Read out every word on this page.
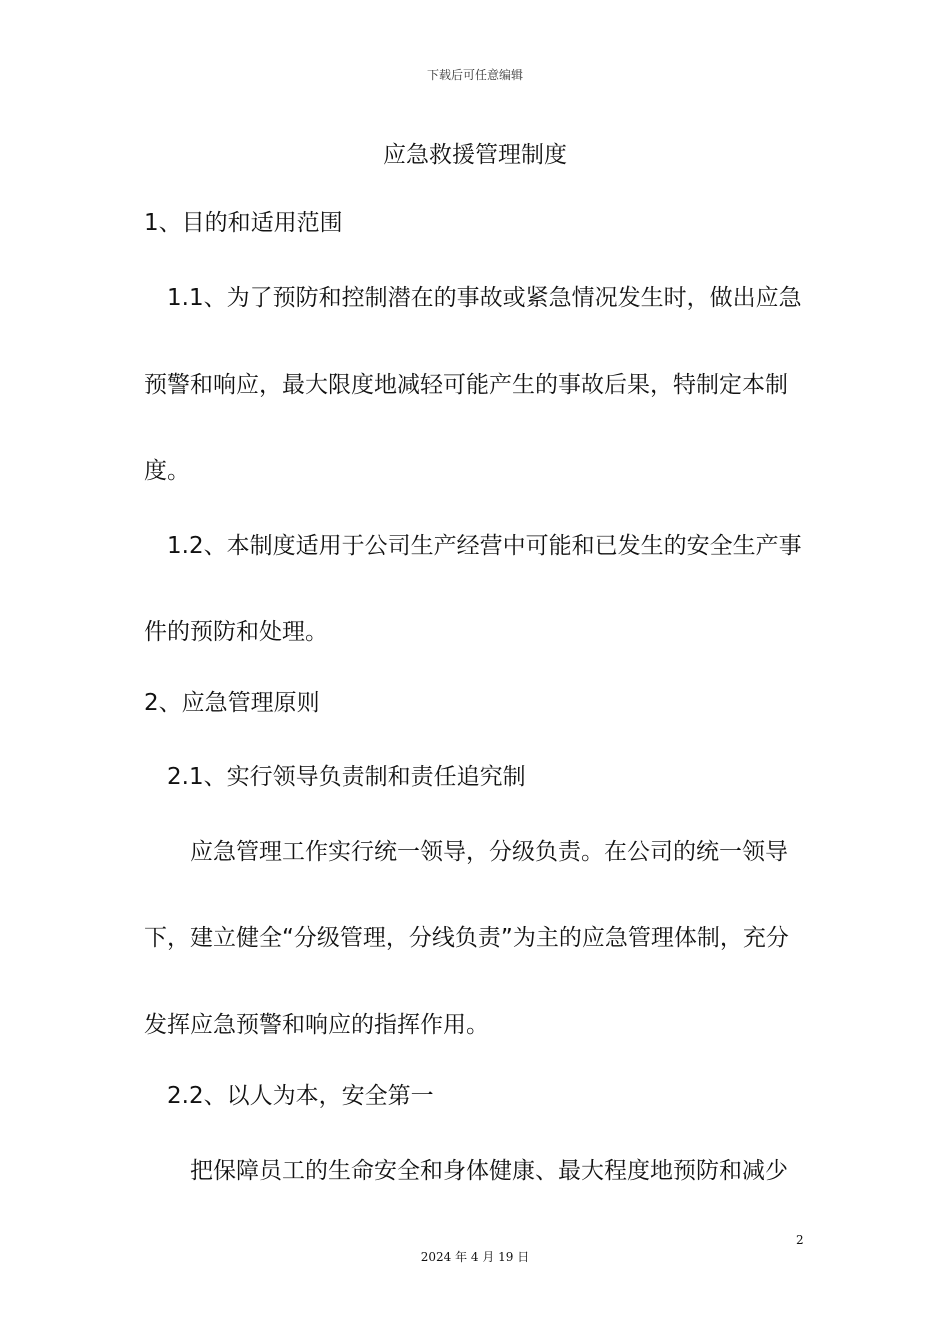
下载后可任意编辑
应急救援管理制度
1、目的和适用范围
1.1、为了预防和控制潜在的事故或紧急情况发生时，做出应急
预警和响应，最大限度地减轻可能产生的事故后果，特制定本制
度。
1.2、本制度适用于公司生产经营中可能和已发生的安全生产事
件的预防和处理。
2、应急管理原则
2.1、实行领导负责制和责任追究制
应急管理工作实行统一领导，分级负责。在公司的统一领导
下，建立健全“分级管理，分线负责”为主的应急管理体制，充分
发挥应急预警和响应的指挥作用。
2.2、以人为本，安全第一
把保障员工的生命安全和身体健康、最大程度地预防和减少
2
2024 年 4 月 19 日
